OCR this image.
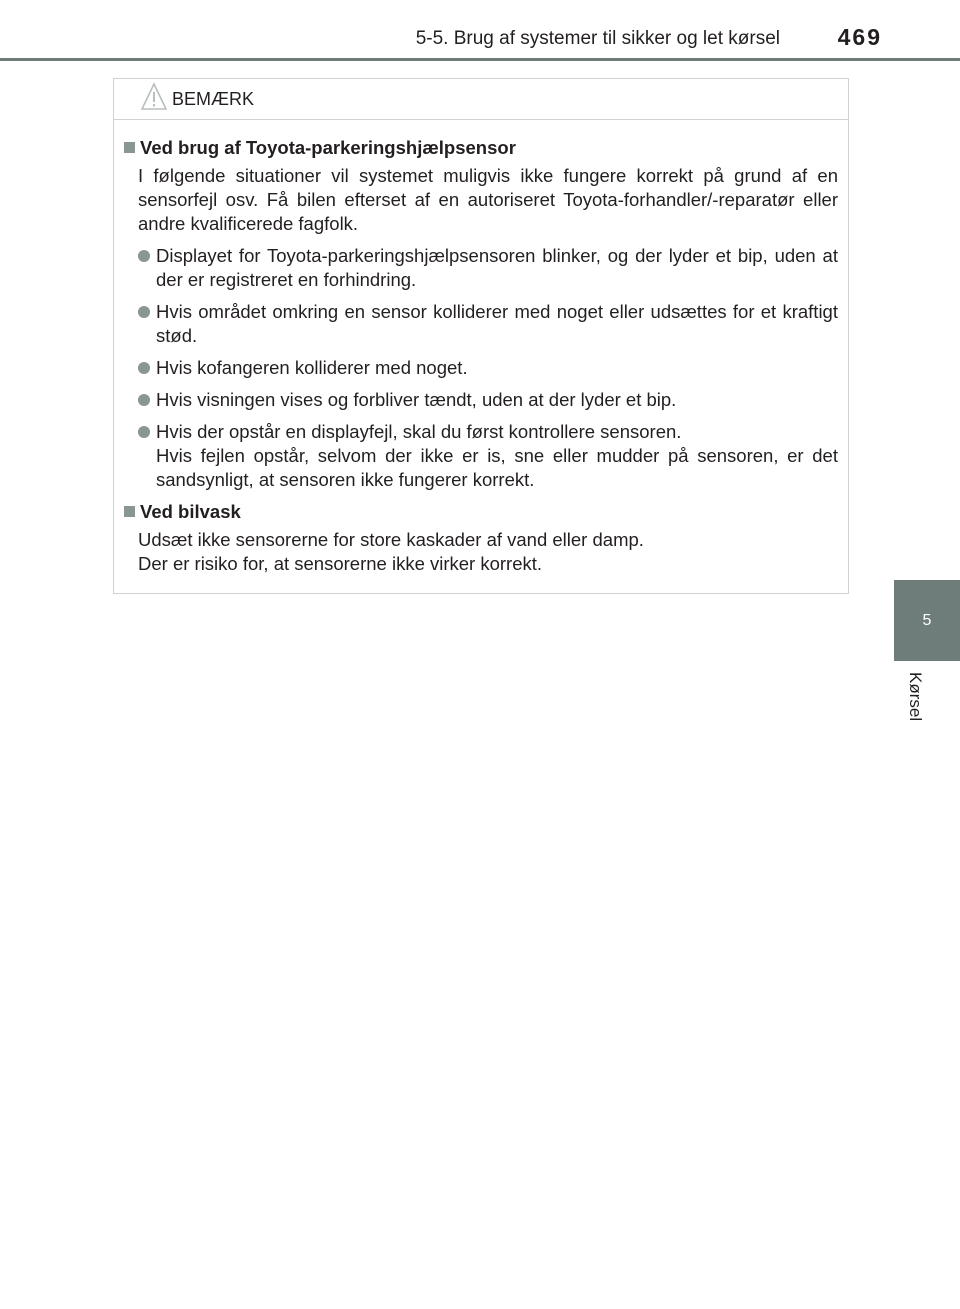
5-5. Brug af systemer til sikker og let kørsel	469
5
Kørsel
BEMÆRK
Ved brug af Toyota-parkeringshjælpsensor
I følgende situationer vil systemet muligvis ikke fungere korrekt på grund af en sensorfejl osv. Få bilen efterset af en autoriseret Toyota-forhandler/-reparatør eller andre kvalificerede fagfolk.
Displayet for Toyota-parkeringshjælpsensoren blinker, og der lyder et bip, uden at der er registreret en forhindring.
Hvis området omkring en sensor kolliderer med noget eller udsættes for et kraftigt stød.
Hvis kofangeren kolliderer med noget.
Hvis visningen vises og forbliver tændt, uden at der lyder et bip.
Hvis der opstår en displayfejl, skal du først kontrollere sensoren.
Hvis fejlen opstår, selvom der ikke er is, sne eller mudder på sensoren, er det sandsynligt, at sensoren ikke fungerer korrekt.
Ved bilvask
Udsæt ikke sensorerne for store kaskader af vand eller damp.
Der er risiko for, at sensorerne ikke virker korrekt.
